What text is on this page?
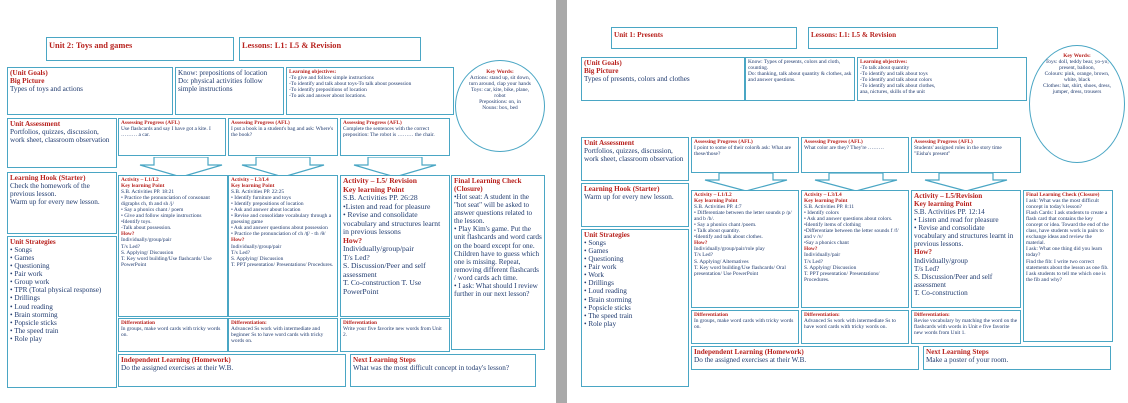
Unit 2: Toys and games	Lessons: L1: L5 & Revision
(Unit Goals)
Big Picture
Types of toys and actions
Know: prepositions of location
Do: physical activities follow simple instructions
Learning objectives:
-To give and follow simple instructions
-To identify and talk about toys-To talk about possession
-To identify prepositions of location
-To ask and answer about locations.
Key Words:
Actions: stand up, sit down, turn around, clap your hands
Toys: car, kite, bike, plane, robot
Prepositions: on, in
Nouns: box, bed
Unit Assessment
Portfolios, quizzes, discussion, work sheet, classroom observation
Assessing Progress (AFL)
Use flashcards and say I have got a kite. I ……… a car.
Assessing Progress (AFL)
I put a book in a student's bag and ask: Where's the book?
Assessing Progress (AFL)
Complete the sentences with the correct preposition: The robot is ……… the chair.
Learning Hook (Starter)
Check the homework of the previous lesson.
Warm up for every new lesson.
Unit Strategies
• Songs
• Games
• Questioning
• Pair work
• Group work
• TPR (Total physical response)
• Drillings
• Loud reading
• Brain storming
• Popsicle sticks
• The speed train
• Role play
Activity – L1/L2
Key learning Point
S.B. Activities PP. 18:21
• Practice the pronunciation of consonant digraphs ch, th and sh /j/
• Say a phonics chant / poem
• Give and follow simple instructions
•Identify toys.
-Talk about possession.
How?
Individually/group/pair
T/s Led?
S. Applying/ Discussion
T. Key word building/Use flashcards/ Use PowerPoint
Activity – L3/L4
Key learning Point
S.B. Activities PP. 22:25
• Identify furniture and toys
• Identify prepositions of location
• Ask and answer about location
• Revise and consolidate vocabulary through a guessing game
• Ask and answer questions about possession
• Practice the pronunciation of ch /ʧ/ - th /θ/
How?
Individually/group/pair
T/s Led?
S. Applying/ Discussion
T. PPT presentation/ Presentations/ Procedures.
Activity – L5/ Revision
Key learning Point
S.B. Activities PP. 26:28
•Listen and read for pleasure
• Revise and consolidate vocabulary and structures learnt in previous lessons
How?
Individually/group/pair
T/s Led?
S. Discussion/Peer and self assessment
T. Co-construction T. Use PowerPoint
Final Learning Check (Closure)
•Hot seat: A student in the "hot seat" will be asked to answer questions related to the lesson.
• Play Kim's game. Put the unit flashcards and word cards on the board except for one. Children have to guess which one is missing. Repeat, removing different flashcards / word cards ach time.
• I ask: What should I review further in our next lesson?
Differentiation
In groups, make word cards with tricky words on.
Differentiation:
Advanced Ss work with intermediate and beginner Ss to have word cards with tricky words on.
Differentiation
Write your five favorite new words from Unit 2.
Independent Learning (Homework)
Do the assigned exercises at their W.B.
Next Learning Steps
What was the most difficult concept in today's lesson?
Unit 1: Presents	Lessons: L1: L5 & Revision
(Unit Goals)
Big Picture
Types of presents, colors and clothes
Know: Types of presents, colors and cloth, counting.
Do: thanking, talk about quantity & clothes, ask and answer questions.
Learning objectives:
-To talk about quantity
-To identify and talk about toys
-To identify and talk about colors
-To identify and talk about clothes,
ana, nictures, skills of the unit
Key Words:
Toys: doll, teddy bear, yo-yo, present, balloon,
Colours: pink, orange, brown, white, black
Clothes: hat, shirt, shoes, dress, jumper, dress, trousers
Unit Assessment
Portfolios, quizzes, discussion, work sheet, classroom observation
Assessing Progress (AFL)
I point to some of their color& ask: What are these/those?
Assessing Progress (AFL)
What color are they? They're ………
Assessing Progress (AFL)
Students' assigned roles in the story time "Eisha's present"
Learning Hook (Starter)
Warm up for every new lesson.
Unit Strategies
• Songs
• Games
• Questioning
• Pair work
• Work
• Drillings
• Loud reading
• Brain storming
• Popsicle sticks
• The speed train
• Role play
Activity – L1/L2
Key learning Point
S.B. Activities PP. 4:7
• Differentiate between the letter sounds p /p/ and b /b/.
• Say a phonics chant /poem.
• Talk about quantity.
•Identify and talk about clothes.
How?
Individually/group/pair/role play
T/s Led?
S. Applying/ Alternatives
T. Key word building/Use flashcards/ Oral presentation/ Use PowerPoint
Activity – L3/L4
Key learning Point
S.B. Activities PP. 8:11
• Identify colors
• Ask and answer questions about colors.
•Identify items of clothing
•Differentiate between the letter sounds f /f/ and v /v/
•Say a phonics chant
How?
Individually/pair
T/s Led?
S. Applying/ Discussion
T. PPT presentation/ Presentations/ Procedures.
Activity – L5/Revision
Key learning Point
S.B. Activities PP. 12:14
• Listen and read for pleasure
• Revise and consolidate vocabulary and structures learnt in previous lessons.
How?
Individually/group
T/s Led?
S. Discussion/Peer and self assessment
T. Co-construction
Final Learning Check (Closure)
I ask: What was the most difficult concept in today's lesson?
Flash Cards: I ask students to create a flash card that contains the key concept or idea. Toward the end of the class, have students work in pairs to exchange ideas and review the material.
I ask: What one thing did you learn today?
Find the fib: I write two correct statements about the lesson as one fib. I ask students to tell me which one is the fib and why?
Differentiation
In groups, make word cards with tricky words on.
Differentiation:
Advanced Ss work with intermediate Ss to have word cards with tricky words on.
Differentiation:
Revise vocabulary by matching the word on the flashcards with words in Unit e five favorite new words from Unit 1.
Independent Learning (Homework)
Do the assigned exercises at their W.B.
Next Learning Steps
Make a poster of your room.
